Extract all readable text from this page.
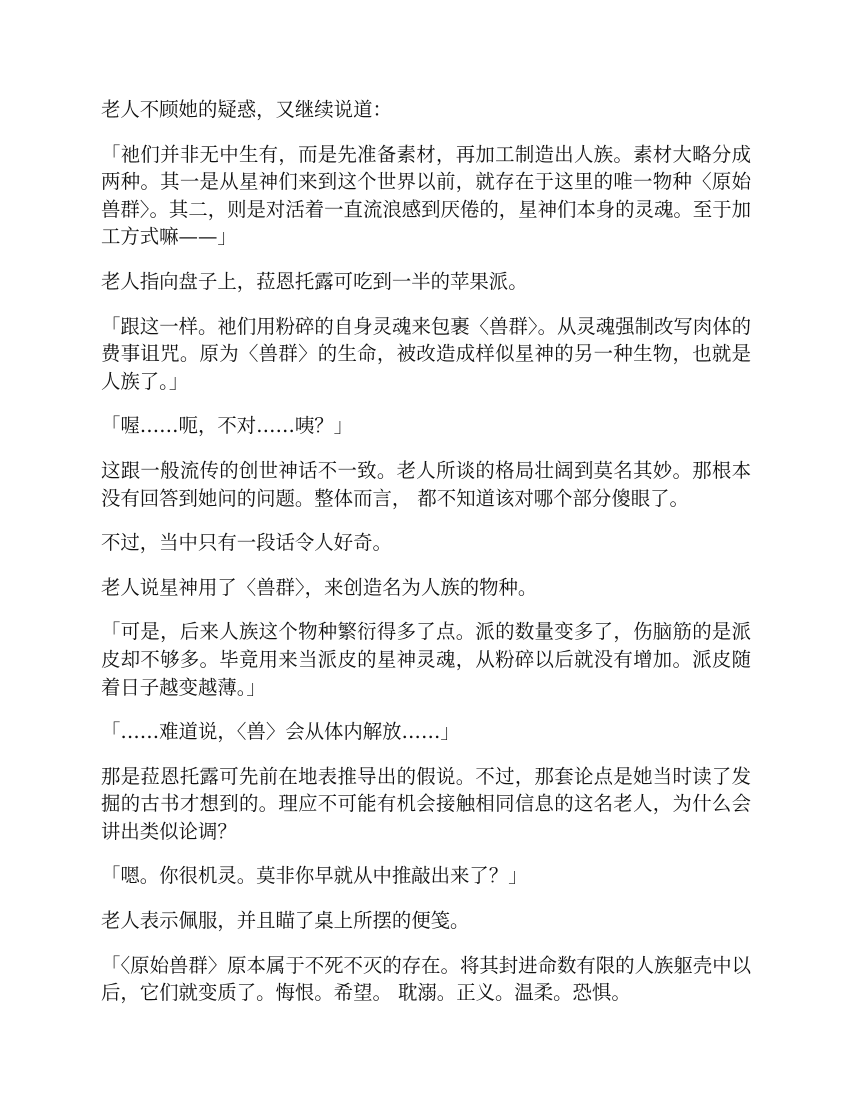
老人不顾她的疑惑，又继续说道：

「祂们并非无中生有，而是先准备素材，再加工制造出人族。素材大略分成两种。其一是从星神们来到这个世界以前，就存在于这里的唯一物种〈原始兽群〉。其二，则是对活着一直流浪感到厌倦的，星神们本身的灵魂。至于加工方式嘛——」

老人指向盘子上，菈恩托露可吃到一半的苹果派。

「跟这一样。祂们用粉碎的自身灵魂来包裹〈兽群〉。从灵魂强制改写肉体的费事诅咒。原为〈兽群〉的生命，被改造成样似星神的另一种生物，也就是人族了。」

「喔……呃，不对……咦？」

这跟一般流传的创世神话不一致。老人所谈的格局壮阔到莫名其妙。那根本没有回答到她问的问题。整体而言， 都不知道该对哪个部分傻眼了。

不过，当中只有一段话令人好奇。

老人说星神用了〈兽群〉，来创造名为人族的物种。

「可是，后来人族这个物种繁衍得多了点。派的数量变多了，伤脑筋的是派皮却不够多。毕竟用来当派皮的星神灵魂，从粉碎以后就没有增加。派皮随着日子越变越薄。」

「……难道说，〈兽〉会从体内解放……」

那是菈恩托露可先前在地表推导出的假说。不过，那套论点是她当时读了发掘的古书才想到的。理应不可能有机会接触相同信息的这名老人，为什么会讲出类似论调？

「嗯。你很机灵。莫非你早就从中推敲出来了？」

老人表示佩服，并且瞄了桌上所摆的便笺。

「〈原始兽群〉原本属于不死不灭的存在。将其封进命数有限的人族躯壳中以后，它们就变质了。悔恨。希望。 耽溺。正义。温柔。恐惧。
